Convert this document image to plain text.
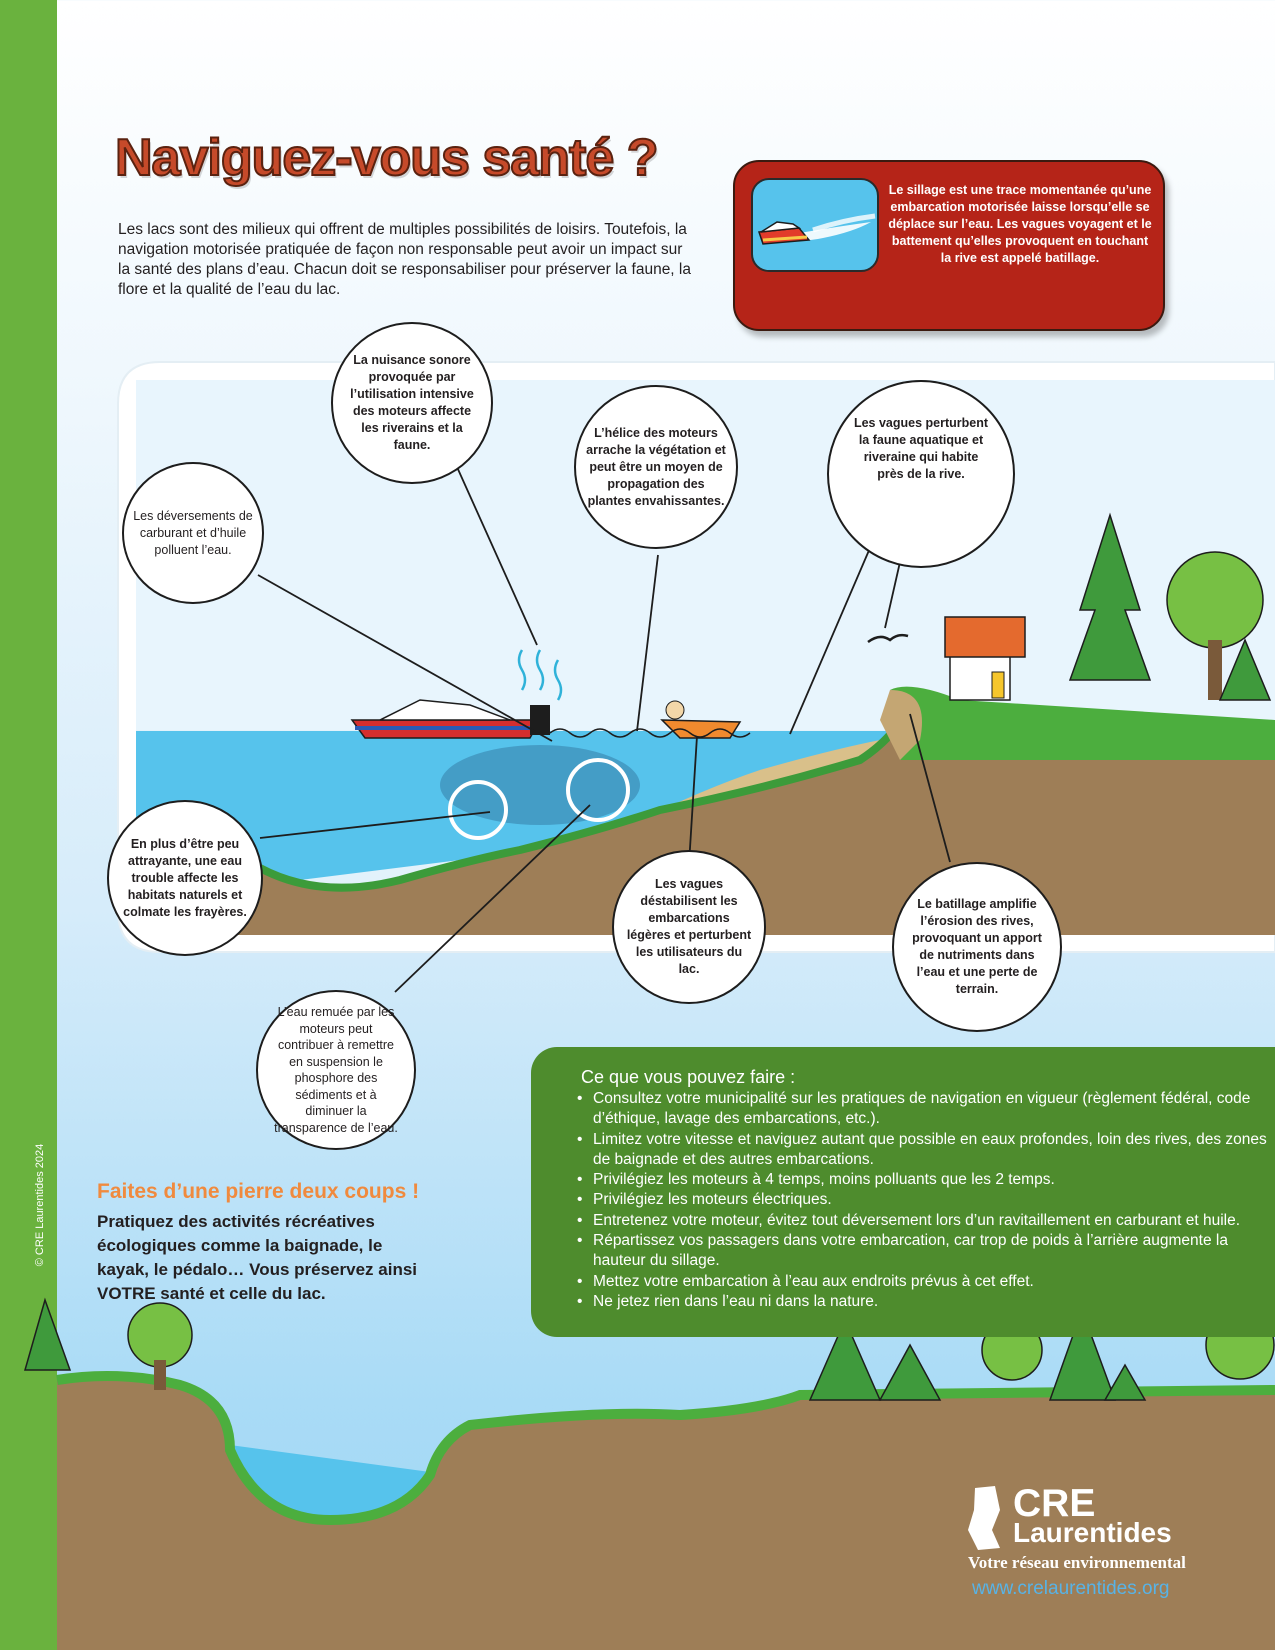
© CRE Laurentides 2024
Naviguez-vous santé ?

Les lacs sont des milieux qui offrent de multiples possibilités de loisirs. Toutefois, la navigation motorisée pratiquée de façon non responsable peut avoir un impact sur la santé des plans d’eau. Chacun doit se responsabiliser pour préserver la faune, la flore et la qualité de l’eau du lac.

Le sillage est une trace momentanée qu’une embarcation motorisée laisse lorsqu’elle se déplace sur l’eau. Les vagues voyagent et le battement qu’elles provoquent en touchant la rive est appelé batillage.

Les déversements de carburant et d’huile polluent l’eau.

La nuisance sonore provoquée par l’utilisation intensive des moteurs affecte les riverains et la faune.

L’hélice des moteurs arrache la végétation et peut être un moyen de propagation des plantes envahissantes.

Les vagues perturbent la faune aquatique et riveraine qui habite près de la rive.

En plus d’être peu attrayante, une eau trouble affecte les habitats naturels et colmate les frayères.

Les vagues déstabilisent les embarcations légères et perturbent les utilisateurs du lac.

Le batillage amplifie l’érosion des rives, provoquant un apport de nutriments dans l’eau et une perte de terrain.

L’eau remuée par les moteurs peut contribuer à remettre en suspension le phosphore des sédiments et à diminuer la transparence de l’eau.

Ce que vous pouvez faire :

• Consultez votre municipalité sur les pratiques de navigation en vigueur (règlement fédéral, code d’éthique, lavage des embarcations, etc.).
• Limitez votre vitesse et naviguez autant que possible en eaux profondes, loin des rives, des zones de baignade et des autres embarcations.
• Privilégiez les moteurs à 4 temps, moins polluants que les 2 temps.
• Privilégiez les moteurs électriques.
• Entretenez votre moteur, évitez tout déversement lors d’un ravitaillement en carburant et huile.
• Répartissez vos passagers dans votre embarcation, car trop de poids à l’arrière augmente la hauteur du sillage.
• Mettez votre embarcation à l’eau aux endroits prévus à cet effet.
• Ne jetez rien dans l’eau ni dans la nature.

Faites d’une pierre deux coups !

Pratiquez des activités récréatives écologiques comme la baignade, le kayak, le pédalo… Vous préservez ainsi VOTRE santé et celle du lac.

CRE

Laurentides

Votre réseau environnemental

www.crelaurentides.org
